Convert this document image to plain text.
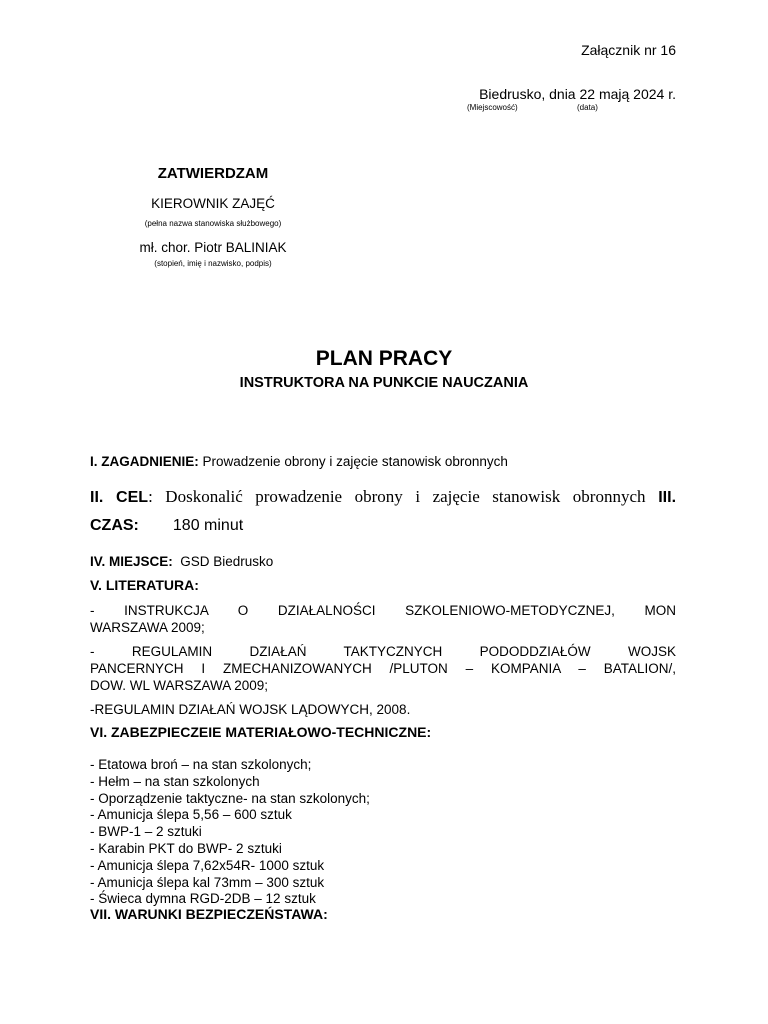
Załącznik nr 16
Biedrusko, dnia 22 mają 2024 r.
(Miejscowość)	(data)
ZATWIERDZAM
KIEROWNIK ZAJĘĆ
(pełna nazwa stanowiska służbowego)
mł. chor. Piotr BALINIAK
(stopień, imię i nazwisko, podpis)
PLAN PRACY
INSTRUKTORA NA PUNKCIE NAUCZANIA
I. ZAGADNIENIE: Prowadzenie obrony i zajęcie stanowisk obronnych
II. CEL: Doskonalić prowadzenie obrony i zajęcie stanowisk obronnych III.
CZAS: 180 minut
IV. MIEJSCE:  GSD Biedrusko
V. LITERATURA:
- INSTRUKCJA O DZIAŁALNOŚCI SZKOLENIOWO-METODYCZNEJ, MON
WARSZAWA 2009;
- REGULAMIN DZIAŁAŃ TAKTYCZNYCH PODODDZIAŁÓW WOJSK
PANCERNYCH I ZMECHANIZOWANYCH /PLUTON – KOMPANIA – BATALION/,
DOW. WL WARSZAWA 2009;
-REGULAMIN DZIAŁAŃ WOJSK LĄDOWYCH, 2008.
VI. ZABEZPIECZEIE MATERIAŁOWO-TECHNICZNE:
- Etatowa broń – na stan szkolonych;
- Hełm – na stan szkolonych
- Oporządzenie taktyczne- na stan szkolonych;
- Amunicja ślepa 5,56 – 600 sztuk
- BWP-1 – 2 sztuki
- Karabin PKT do BWP- 2 sztuki
- Amunicja ślepa 7,62x54R- 1000 sztuk
- Amunicja ślepa kal 73mm – 300 sztuk
- Świeca dymna RGD-2DB – 12 sztuk
VII. WARUNKI BEZPIECZEŃSTAWA:
